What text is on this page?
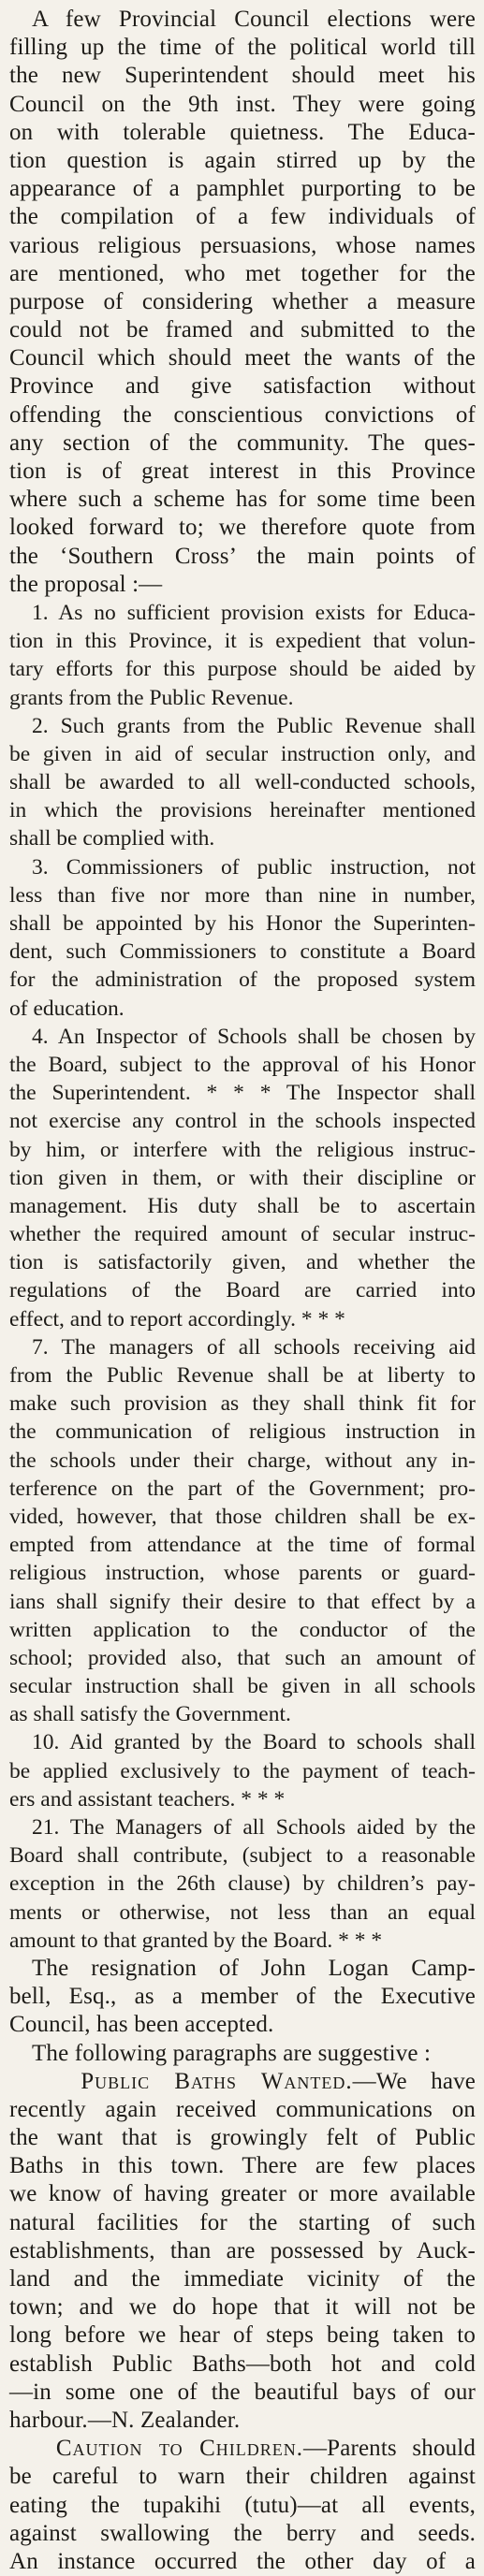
A few Provincial Council elections were
filling up the time of the political world till
the new Superintendent should meet his
Council on the 9th inst. They were going
on with tolerable quietness. The Educa-
tion question is again stirred up by the
appearance of a pamphlet purporting to be
the compilation of a few individuals of
various religious persuasions, whose names
are mentioned, who met together for the
purpose of considering whether a measure
could not be framed and submitted to the
Council which should meet the wants of the
Province and give satisfaction without
offending the conscientious convictions of
any section of the community. The ques-
tion is of great interest in this Province
where such a scheme has for some time been
looked forward to; we therefore quote from
the ‘Southern Cross’ the main points of
the proposal :—
1. As no sufficient provision exists for Educa-
tion in this Province, it is expedient that volun-
tary efforts for this purpose should be aided by
grants from the Public Revenue.
2. Such grants from the Public Revenue shall
be given in aid of secular instruction only, and
shall be awarded to all well-conducted schools,
in which the provisions hereinafter mentioned
shall be complied with.
3. Commissioners of public instruction, not
less than five nor more than nine in number,
shall be appointed by his Honor the Superinten-
dent, such Commissioners to constitute a Board
for the administration of the proposed system
of education.
4. An Inspector of Schools shall be chosen by
the Board, subject to the approval of his Honor
the Superintendent. * * * The Inspector shall
not exercise any control in the schools inspected
by him, or interfere with the religious instruc-
tion given in them, or with their discipline or
management. His duty shall be to ascertain
whether the required amount of secular instruc-
tion is satisfactorily given, and whether the
regulations of the Board are carried into
effect, and to report accordingly. * * *
7. The managers of all schools receiving aid
from the Public Revenue shall be at liberty to
make such provision as they shall think fit for
the communication of religious instruction in
the schools under their charge, without any in-
terference on the part of the Government; pro-
vided, however, that those children shall be ex-
empted from attendance at the time of formal
religious instruction, whose parents or guard-
ians shall signify their desire to that effect by a
written application to the conductor of the
school; provided also, that such an amount of
secular instruction shall be given in all schools
as shall satisfy the Government.
10. Aid granted by the Board to schools shall
be applied exclusively to the payment of teach-
ers and assistant teachers. * * *
21. The Managers of all Schools aided by the
Board shall contribute, (subject to a reasonable
exception in the 26th clause) by children’s pay-
ments or otherwise, not less than an equal
amount to that granted by the Board. * * *
The resignation of John Logan Camp-
bell, Esq., as a member of the Executive
Council, has been accepted.
The following paragraphs are suggestive :
Public Baths Wanted.—We have
recently again received communications on
the want that is growingly felt of Public
Baths in this town. There are few places
we know of having greater or more available
natural facilities for the starting of such
establishments, than are possessed by Auck-
land and the immediate vicinity of the
town; and we do hope that it will not be
long before we hear of steps being taken to
establish Public Baths—both hot and cold
—in some one of the beautiful bays of our
harbour.—N. Zealander.
Caution to Children.—Parents should
be careful to warn their children against
eating the tupakihi (tutu)—at all events,
against swallowing the berry and seeds.
An instance occurred the other day of a
